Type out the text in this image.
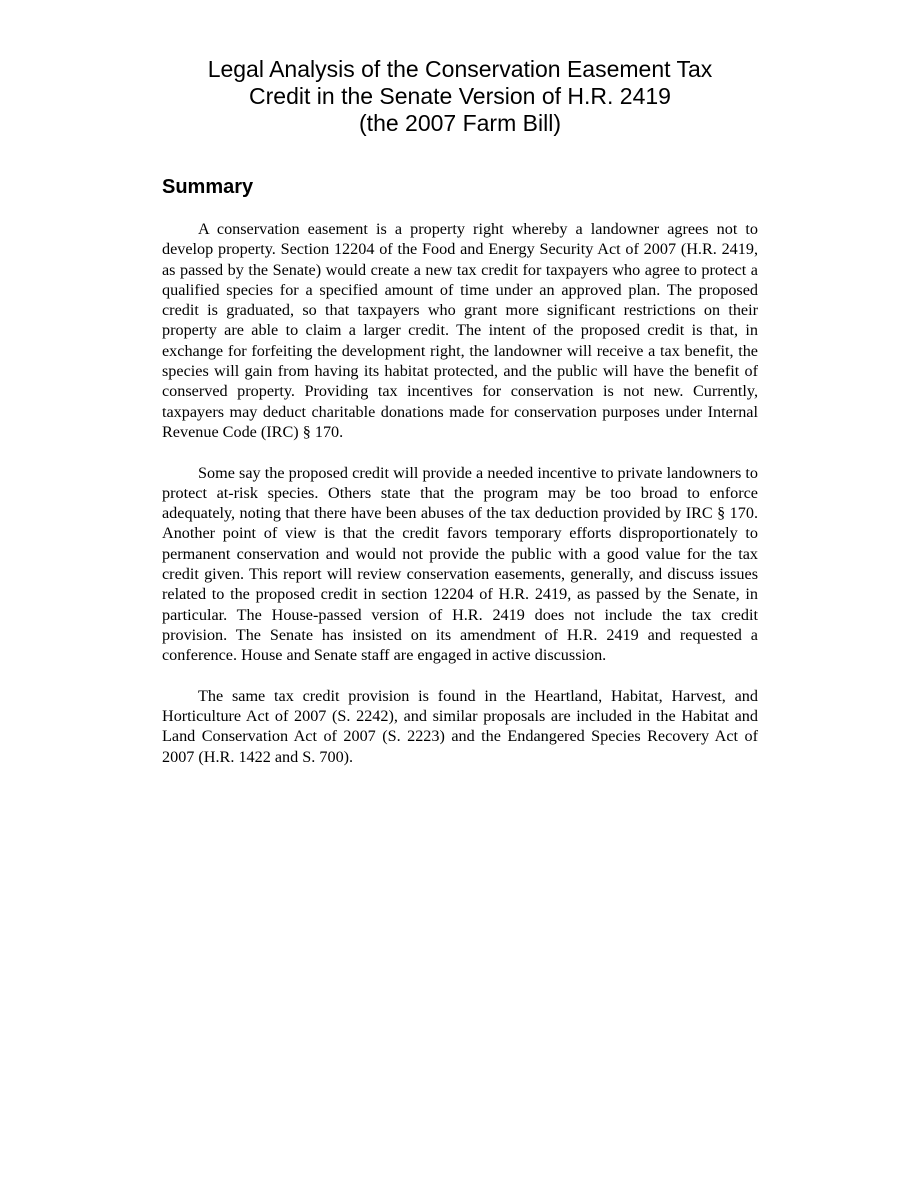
Legal Analysis of the Conservation Easement Tax
Credit in the Senate Version of H.R. 2419
(the 2007 Farm Bill)
Summary

A conservation easement is a property right whereby a landowner agrees not to develop property. Section 12204 of the Food and Energy Security Act of 2007 (H.R. 2419, as passed by the Senate) would create a new tax credit for taxpayers who agree to protect a qualified species for a specified amount of time under an approved plan. The proposed credit is graduated, so that taxpayers who grant more significant restrictions on their property are able to claim a larger credit. The intent of the proposed credit is that, in exchange for forfeiting the development right, the landowner will receive a tax benefit, the species will gain from having its habitat protected, and the public will have the benefit of conserved property. Providing tax incentives for conservation is not new. Currently, taxpayers may deduct charitable donations made for conservation purposes under Internal Revenue Code (IRC) § 170.

Some say the proposed credit will provide a needed incentive to private landowners to protect at-risk species. Others state that the program may be too broad to enforce adequately, noting that there have been abuses of the tax deduction provided by IRC § 170. Another point of view is that the credit favors temporary efforts disproportionately to permanent conservation and would not provide the public with a good value for the tax credit given. This report will review conservation easements, generally, and discuss issues related to the proposed credit in section 12204 of H.R. 2419, as passed by the Senate, in particular. The House-passed version of H.R. 2419 does not include the tax credit provision. The Senate has insisted on its amendment of H.R. 2419 and requested a conference. House and Senate staff are engaged in active discussion.

The same tax credit provision is found in the Heartland, Habitat, Harvest, and Horticulture Act of 2007 (S. 2242), and similar proposals are included in the Habitat and Land Conservation Act of 2007 (S. 2223) and the Endangered Species Recovery Act of 2007 (H.R. 1422 and S. 700).
